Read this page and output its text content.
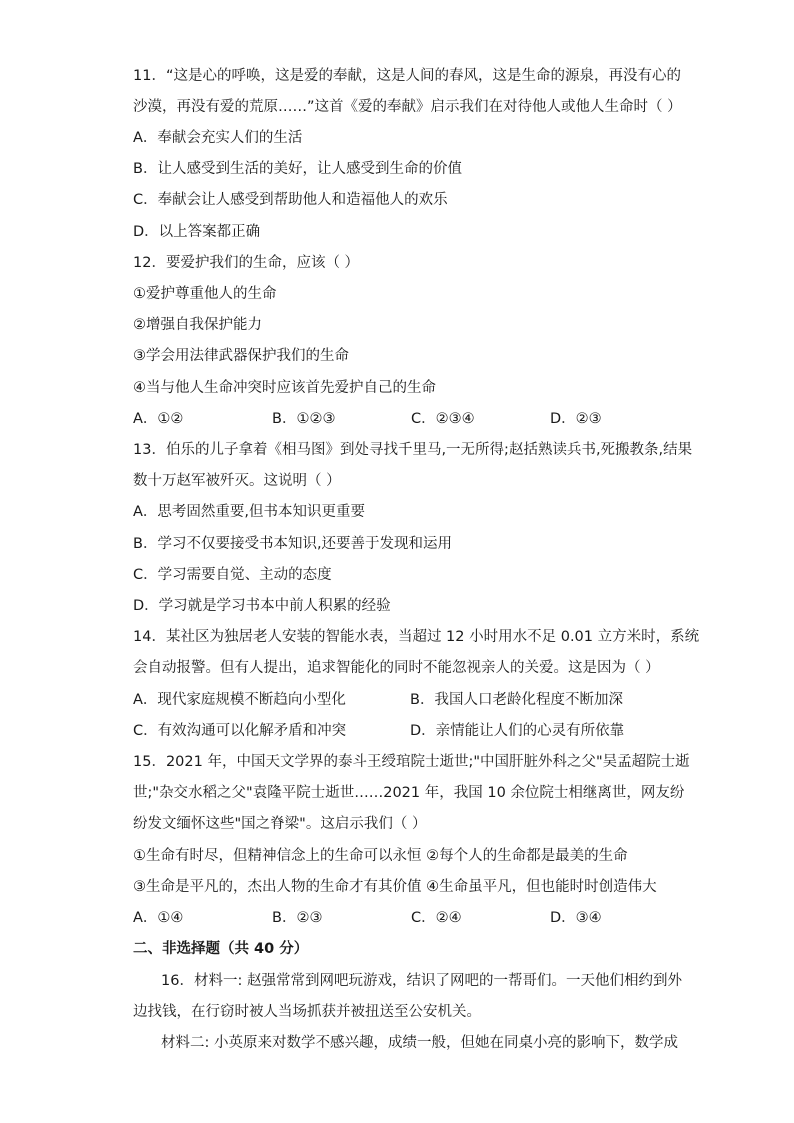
11．“这是心的呼唤，这是爱的奉献，这是人间的春风，这是生命的源泉，再没有心的
沙漠，再没有爱的荒原……”这首《爱的奉献》启示我们在对待他人或他人生命时（ ）
A．奉献会充实人们的生活
B．让人感受到生活的美好，让人感受到生命的价值
C．奉献会让人感受到帮助他人和造福他人的欢乐
D．以上答案都正确
12．要爱护我们的生命，应该（ ）
①爱护尊重他人的生命
②增强自我保护能力
③学会用法律武器保护我们的生命
④当与他人生命冲突时应该首先爱护自己的生命
A．①②	B．①②③	C．②③④	D．②③
13．伯乐的儿子拿着《相马图》到处寻找千里马,一无所得;赵括熟读兵书,死搬教条,结果
数十万赵军被歼灭。这说明（ ）
A．思考固然重要,但书本知识更重要
B．学习不仅要接受书本知识,还要善于发现和运用
C．学习需要自觉、主动的态度
D．学习就是学习书本中前人积累的经验
14．某社区为独居老人安装的智能水表，当超过 12 小时用水不足 0.01 立方米时，系统
会自动报警。但有人提出，追求智能化的同时不能忽视亲人的关爱。这是因为（ ）
A．现代家庭规模不断趋向小型化	B．我国人口老龄化程度不断加深
C．有效沟通可以化解矛盾和冲突	D．亲情能让人们的心灵有所依靠
15．2021 年，中国天文学界的泰斗王绶琯院士逝世;"中国肝脏外科之父"吴孟超院士逝
世;"杂交水稻之父"袁隆平院士逝世……2021 年，我国 10 余位院士相继离世，网友纷
纷发文缅怀这些"国之脊梁"。这启示我们（ ）
①生命有时尽，但精神信念上的生命可以永恒 ②每个人的生命都是最美的生命
③生命是平凡的，杰出人物的生命才有其价值 ④生命虽平凡，但也能时时创造伟大
A．①④	B．②③	C．②④	D．③④
二、非选择题（共 40 分）
16．材料一: 赵强常常到网吧玩游戏，结识了网吧的一帮哥们。一天他们相约到外
边找钱，在行窃时被人当场抓获并被扭送至公安机关。
材料二: 小英原来对数学不感兴趣，成绩一般，但她在同桌小亮的影响下，数学成
